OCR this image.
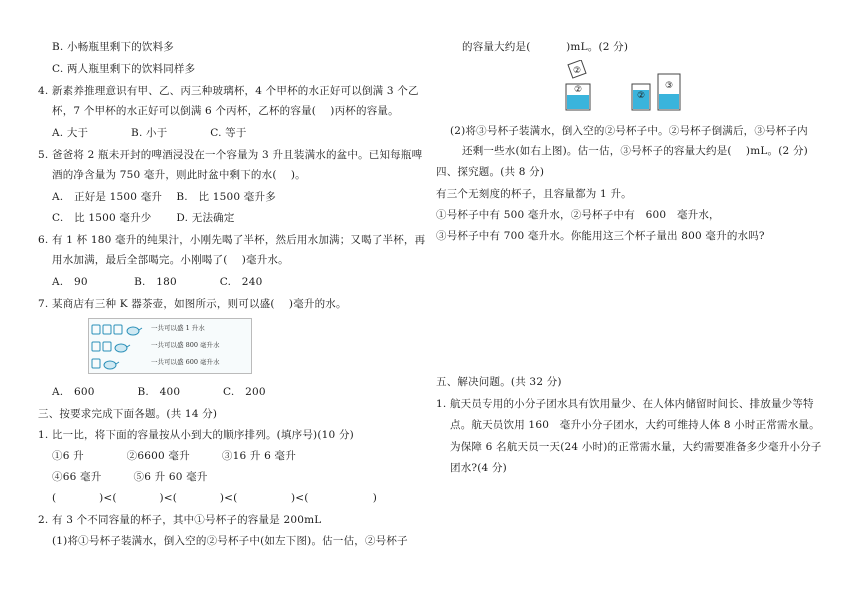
B. 小畅瓶里剩下的饮料多
C. 两人瓶里剩下的饮料同样多
4. 新素养推理意识有甲、乙、丙三种玻璃杯，4 个甲杯的水正好可以倒满 3 个乙
杯，7 个甲杯的水正好可以倒满 6 个丙杯，乙杯的容量(　 )丙杯的容量。
A. 大于　　　　B. 小于　　　　C. 等于
5. 爸爸将 2 瓶未开封的啤酒浸没在一个容量为 3 升且装满水的盆中。已知每瓶啤
酒的净含量为 750 毫升，则此时盆中剩下的水(　 )。
A.　正好是 1500 毫升　 B.　比 1500 毫升多
C.　比 1500 毫升少　　 D. 无法确定
6. 有 1 杯 180 毫升的纯果汁，小刚先喝了半杯，然后用水加满；又喝了半杯，再
用水加满，最后全部喝完。小刚喝了(　 )毫升水。
A.　90　　　　 B.　180　　　　C.　240
7. 某商店有三种 K 器茶壶，如图所示，则可以盛(　 )毫升的水。
一共可以盛 1 升水
一共可以盛 800 毫升水
一共可以盛 600 毫升水
A.　600　　　　B.　400　　　　C.　200
三、按要求完成下面各题。(共 14 分)
1. 比一比，将下面的容量按从小到大的顺序排列。(填序号)(10 分)
①6 升　　　　②6600 毫升　　　③16 升 6 毫升
④66 毫升　　　⑤6 升 60 毫升
(　　　　)<(　　　　)<(　　　　)<(　　　　　)<(　　　　　　)
2. 有 3 个不同容量的杯子，其中①号杯子的容量是 200mL
(1)将①号杯子装满水，倒入空的②号杯子中(如左下图)。估一估，②号杯子
的容量大约是(　　　 )mL。(2 分)
②
②
②
③
(2)将③号杯子装满水，倒入空的②号杯子中。②号杯子倒满后，③号杯子内
还剩一些水(如右上图)。估一估，③号杯子的容量大约是(　 )mL。(2 分)
四、探究题。(共 8 分)
有三个无刻度的杯子，且容量都为 1 升。
①号杯子中有 500 毫升水，②号杯子中有　600　毫升水，
③号杯子中有 700 毫升水。你能用这三个杯子量出 800 毫升的水吗?
五、解决问题。(共 32 分)
1. 航天员专用的小分子团水具有饮用量少、在人体内储留时间长、排放量少等特
点。航天员饮用 160　毫升小分子团水，大约可维持人体 8 小时正常需水量。
为保障 6 名航天员一天(24 小时)的正常需水量，大约需要准备多少毫升小分子
团水?(4 分)
